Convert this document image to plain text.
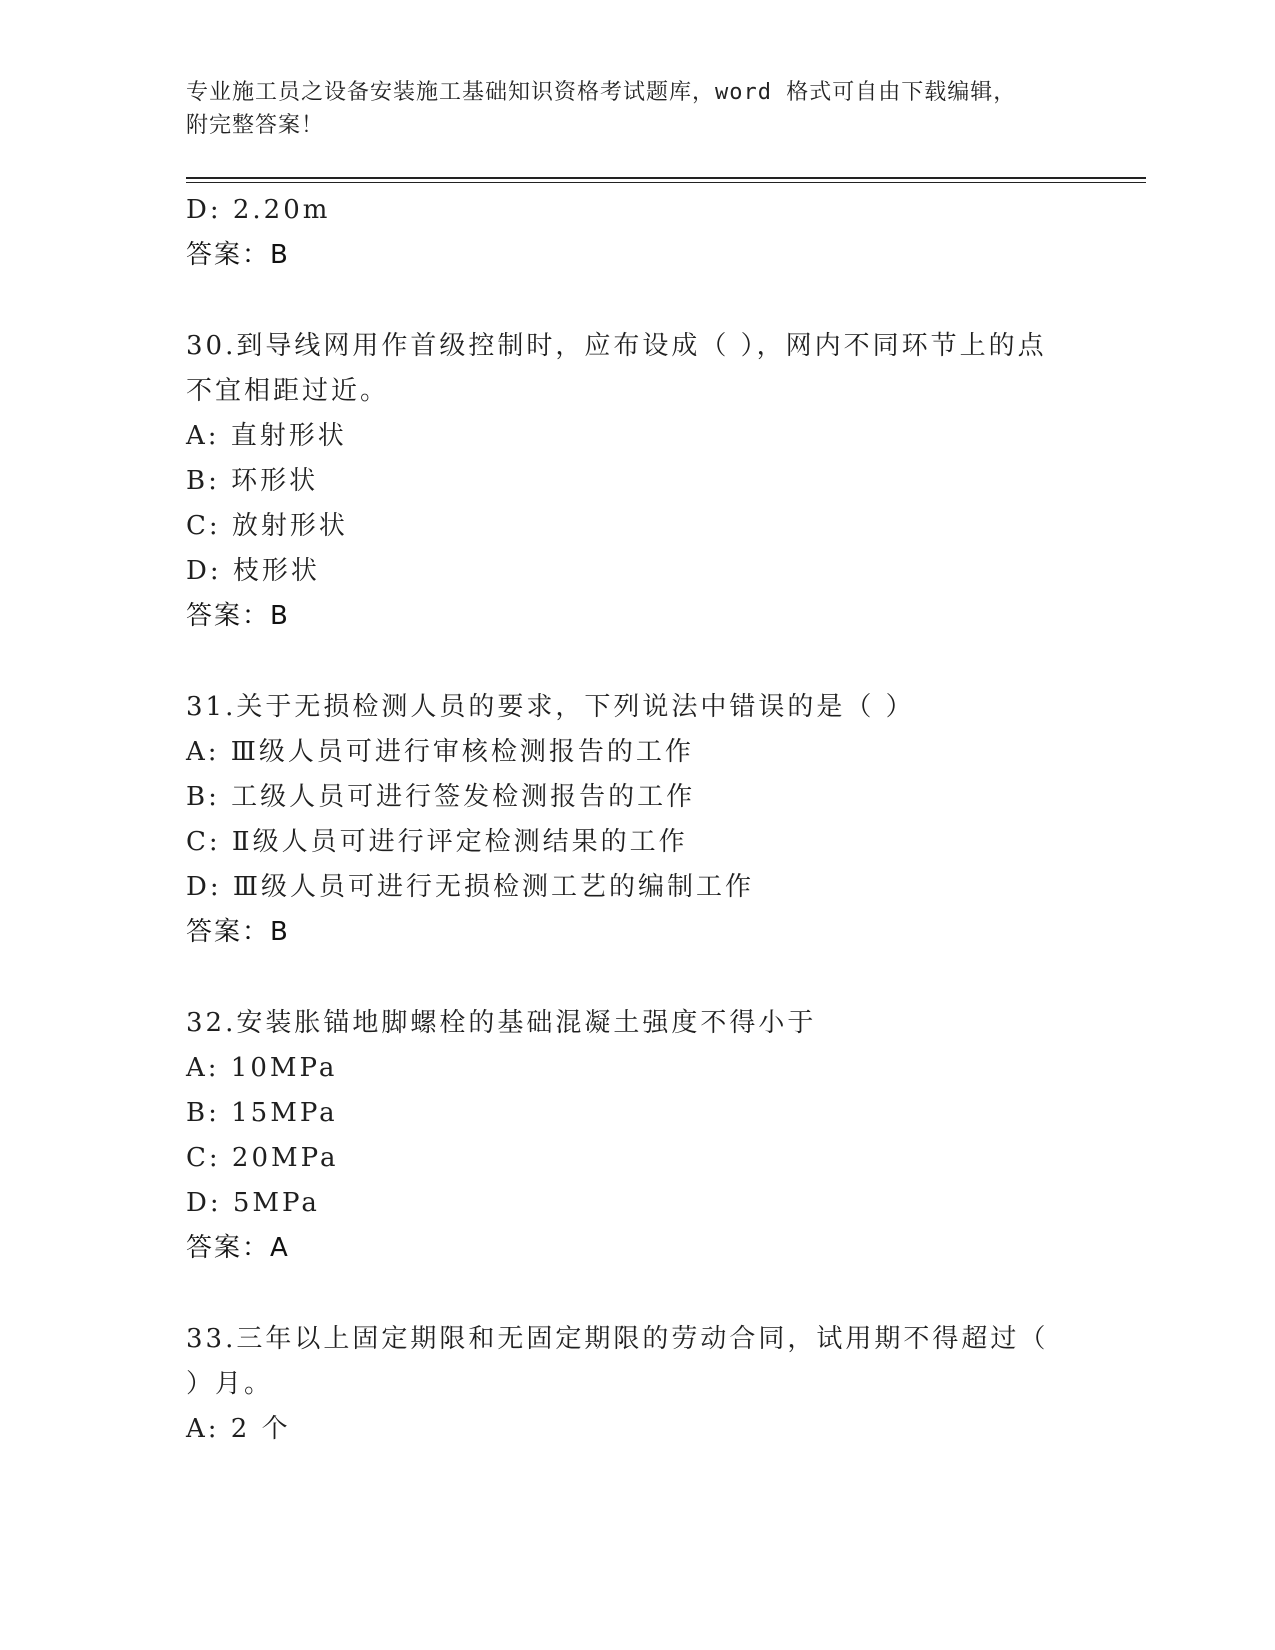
专业施工员之设备安装施工基础知识资格考试题库，word 格式可自由下载编辑，
附完整答案！
D: 2.20m
答案：B
30.到导线网用作首级控制时，应布设成（ ），网内不同环节上的点
不宜相距过近。
A: 直射形状
B: 环形状
C: 放射形状
D: 枝形状
答案：B
31.关于无损检测人员的要求，下列说法中错误的是（ ）
A: Ⅲ级人员可进行审核检测报告的工作
B: 工级人员可进行签发检测报告的工作
C: Ⅱ级人员可进行评定检测结果的工作
D: Ⅲ级人员可进行无损检测工艺的编制工作
答案：B
32.安装胀锚地脚螺栓的基础混凝土强度不得小于
A: 10MPa
B: 15MPa
C: 20MPa
D: 5MPa
答案：A
33.三年以上固定期限和无固定期限的劳动合同，试用期不得超过（
）月。
A: 2 个
